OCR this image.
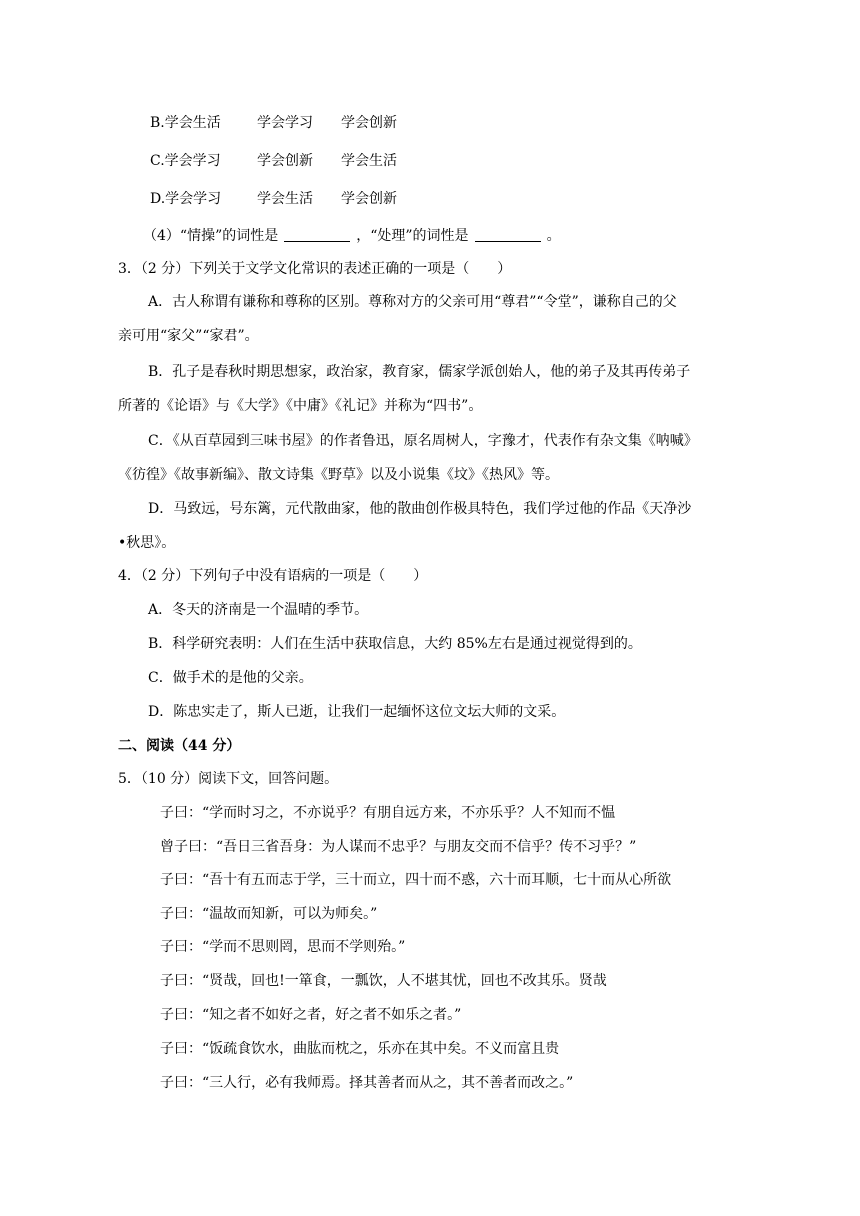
B.学会生活	学会学习 学会创新
C.学会学习	学会创新 学会生活
D.学会学习	学会生活 学会创新
（4）“情操”的词性是	，“处理”的词性是	。
3．（2 分）下列关于文学文化常识的表述正确的一项是（　　）
A．古人称谓有谦称和尊称的区别。尊称对方的父亲可用“尊君”“令堂”，谦称自己的父
亲可用“家父”“家君”。
B．孔子是春秋时期思想家，政治家，教育家，儒家学派创始人，他的弟子及其再传弟子
所著的《论语》与《大学》《中庸》《礼记》并称为“四书”。
C．《从百草园到三味书屋》的作者鲁迅，原名周树人，字豫才，代表作有杂文集《呐喊》
《彷徨》《故事新编》、散文诗集《野草》以及小说集《坟》《热风》等。
D．马致远，号东篱，元代散曲家，他的散曲创作极具特色，我们学过他的作品《天净沙
•秋思》。
4．（2 分）下列句子中没有语病的一项是（　　）
A．冬天的济南是一个温晴的季节。
B．科学研究表明：人们在生活中获取信息，大约 85%左右是通过视觉得到的。
C．做手术的是他的父亲。
D．陈忠实走了，斯人已逝，让我们一起缅怀这位文坛大师的文采。
二、阅读（44 分）
5．（10 分）阅读下文，回答问题。
子曰：“学而时习之，不亦说乎？有朋自远方来，不亦乐乎？人不知而不愠
曾子曰：“吾日三省吾身：为人谋而不忠乎？与朋友交而不信乎？传不习乎？”
子曰：“吾十有五而志于学，三十而立，四十而不惑，六十而耳顺，七十而从心所欲
子曰：“温故而知新，可以为师矣。”
子曰：“学而不思则罔，思而不学则殆。”
子曰：“贤哉，回也!一箪食，一瓢饮，人不堪其忧，回也不改其乐。贤哉
子曰：“知之者不如好之者，好之者不如乐之者。”
子曰：“饭疏食饮水，曲肱而枕之，乐亦在其中矣。不义而富且贵
子曰：“三人行，必有我师焉。择其善者而从之，其不善者而改之。”
